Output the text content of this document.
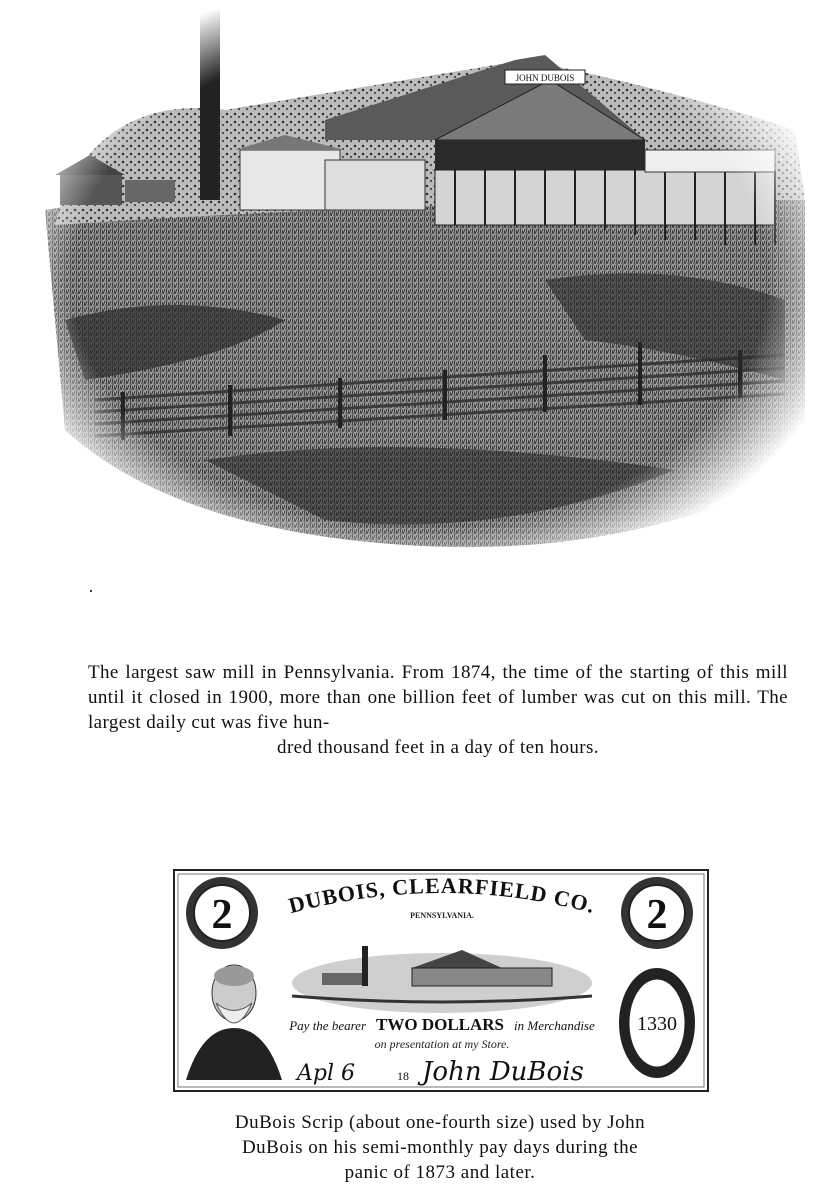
The largest saw mill in Pennsylvania. From 1874, the time of the starting of this mill until it closed in 1900, more than one billion feet of lumber was cut on this mill. The largest daily cut was five hun-
dred thousand feet in a day of ten hours.
2	2
DUBOIS, CLEARFIELD CO.
PENNSYLVANIA.
Pay the bearer TWO DOLLARS in Merchandise
on presentation at my Store.
1330
Apl 6	18 John DuBois
DuBois Scrip (about one-fourth size) used by John
DuBois on his semi-monthly pay days during the
panic of 1873 and later.
